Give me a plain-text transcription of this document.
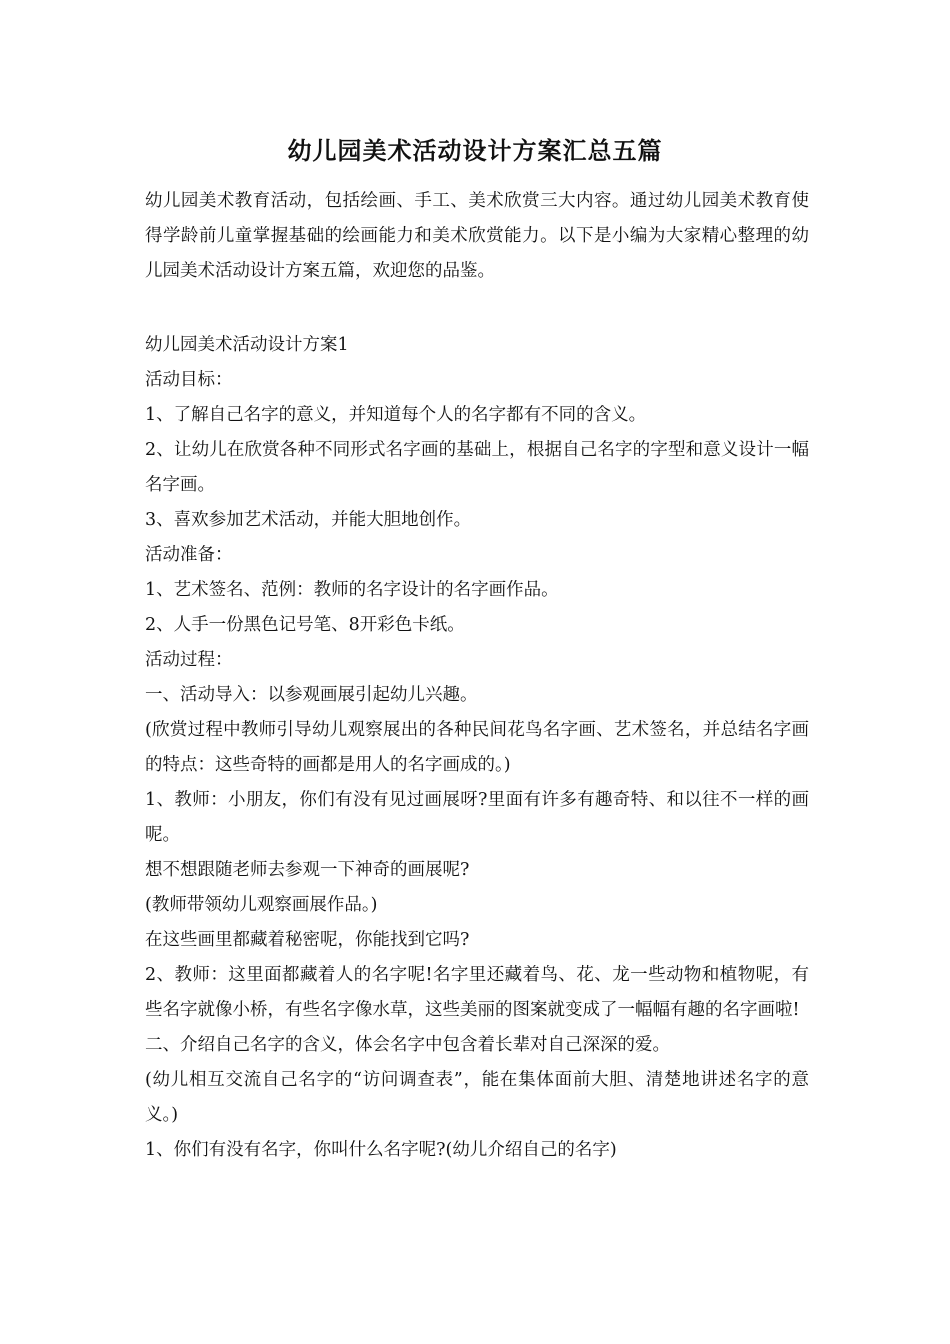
幼儿园美术活动设计方案汇总五篇
幼儿园美术教育活动，包括绘画、手工、美术欣赏三大内容。通过幼儿园美术教育使得学龄前儿童掌握基础的绘画能力和美术欣赏能力。以下是小编为大家精心整理的幼儿园美术活动设计方案五篇，欢迎您的品鉴。

幼儿园美术活动设计方案1

活动目标：

1、了解自己名字的意义，并知道每个人的名字都有不同的含义。

2、让幼儿在欣赏各种不同形式名字画的基础上，根据自己名字的字型和意义设计一幅名字画。

3、喜欢参加艺术活动，并能大胆地创作。

活动准备：

1、艺术签名、范例：教师的名字设计的名字画作品。

2、人手一份黑色记号笔、8开彩色卡纸。

活动过程：

一、活动导入：以参观画展引起幼儿兴趣。

(欣赏过程中教师引导幼儿观察展出的各种民间花鸟名字画、艺术签名，并总结名字画的特点：这些奇特的画都是用人的名字画成的。)

1、教师：小朋友，你们有没有见过画展呀?里面有许多有趣奇特、和以往不一样的画呢。

想不想跟随老师去参观一下神奇的画展呢?

(教师带领幼儿观察画展作品。)

在这些画里都藏着秘密呢，你能找到它吗?

2、教师：这里面都藏着人的名字呢!名字里还藏着鸟、花、龙一些动物和植物呢，有些名字就像小桥，有些名字像水草，这些美丽的图案就变成了一幅幅有趣的名字画啦!

二、介绍自己名字的含义，体会名字中包含着长辈对自己深深的爱。

(幼儿相互交流自己名字的“访问调查表”，能在集体面前大胆、清楚地讲述名字的意义。)

1、你们有没有名字，你叫什么名字呢?(幼儿介绍自己的名字)
